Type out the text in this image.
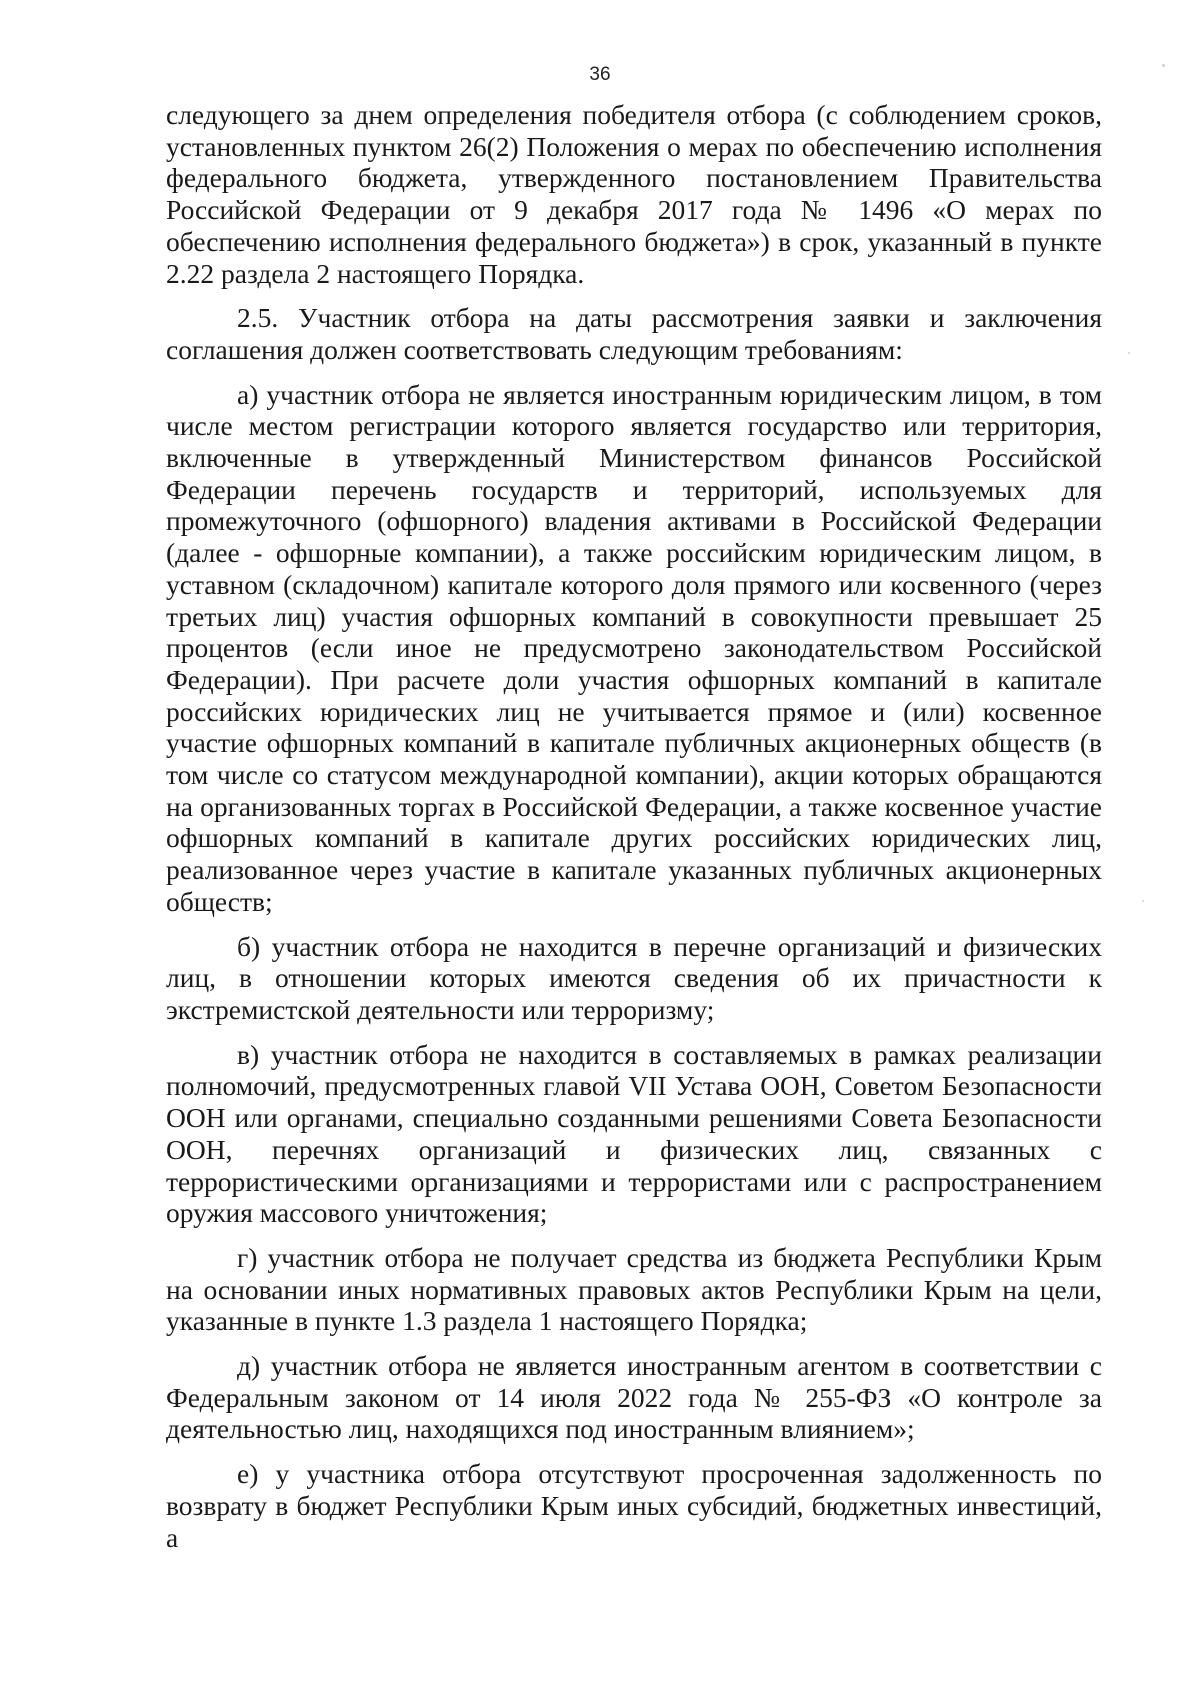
36

следующего за днем определения победителя отбора (с соблюдением сроков, установленных пунктом 26(2) Положения о мерах по обеспечению исполнения федерального бюджета, утвержденного постановлением Правительства Российской Федерации от 9 декабря 2017 года № 1496 «О мерах по обеспечению исполнения федерального бюджета») в срок, указанный в пункте 2.22 раздела 2 настоящего Порядка.

2.5. Участник отбора на даты рассмотрения заявки и заключения соглашения должен соответствовать следующим требованиям:

а) участник отбора не является иностранным юридическим лицом, в том числе местом регистрации которого является государство или территория, включенные в утвержденный Министерством финансов Российской Федерации перечень государств и территорий, используемых для промежуточного (офшорного) владения активами в Российской Федерации (далее - офшорные компании), а также российским юридическим лицом, в уставном (складочном) капитале которого доля прямого или косвенного (через третьих лиц) участия офшорных компаний в совокупности превышает 25 процентов (если иное не предусмотрено законодательством Российской Федерации). При расчете доли участия офшорных компаний в капитале российских юридических лиц не учитывается прямое и (или) косвенное участие офшорных компаний в капитале публичных акционерных обществ (в том числе со статусом международной компании), акции которых обращаются на организованных торгах в Российской Федерации, а также косвенное участие офшорных компаний в капитале других российских юридических лиц, реализованное через участие в капитале указанных публичных акционерных обществ;

б) участник отбора не находится в перечне организаций и физических лиц, в отношении которых имеются сведения об их причастности к экстремистской деятельности или терроризму;

в) участник отбора не находится в составляемых в рамках реализации полномочий, предусмотренных главой VII Устава ООН, Советом Безопасности ООН или органами, специально созданными решениями Совета Безопасности ООН, перечнях организаций и физических лиц, связанных с террористическими организациями и террористами или с распространением оружия массового уничтожения;

г) участник отбора не получает средства из бюджета Республики Крым на основании иных нормативных правовых актов Республики Крым на цели, указанные в пункте 1.3 раздела 1 настоящего Порядка;

д) участник отбора не является иностранным агентом в соответствии с Федеральным законом от 14 июля 2022 года № 255-ФЗ «О контроле за деятельностью лиц, находящихся под иностранным влиянием»;

е) у участника отбора отсутствуют просроченная задолженность по возврату в бюджет Республики Крым иных субсидий, бюджетных инвестиций, а
